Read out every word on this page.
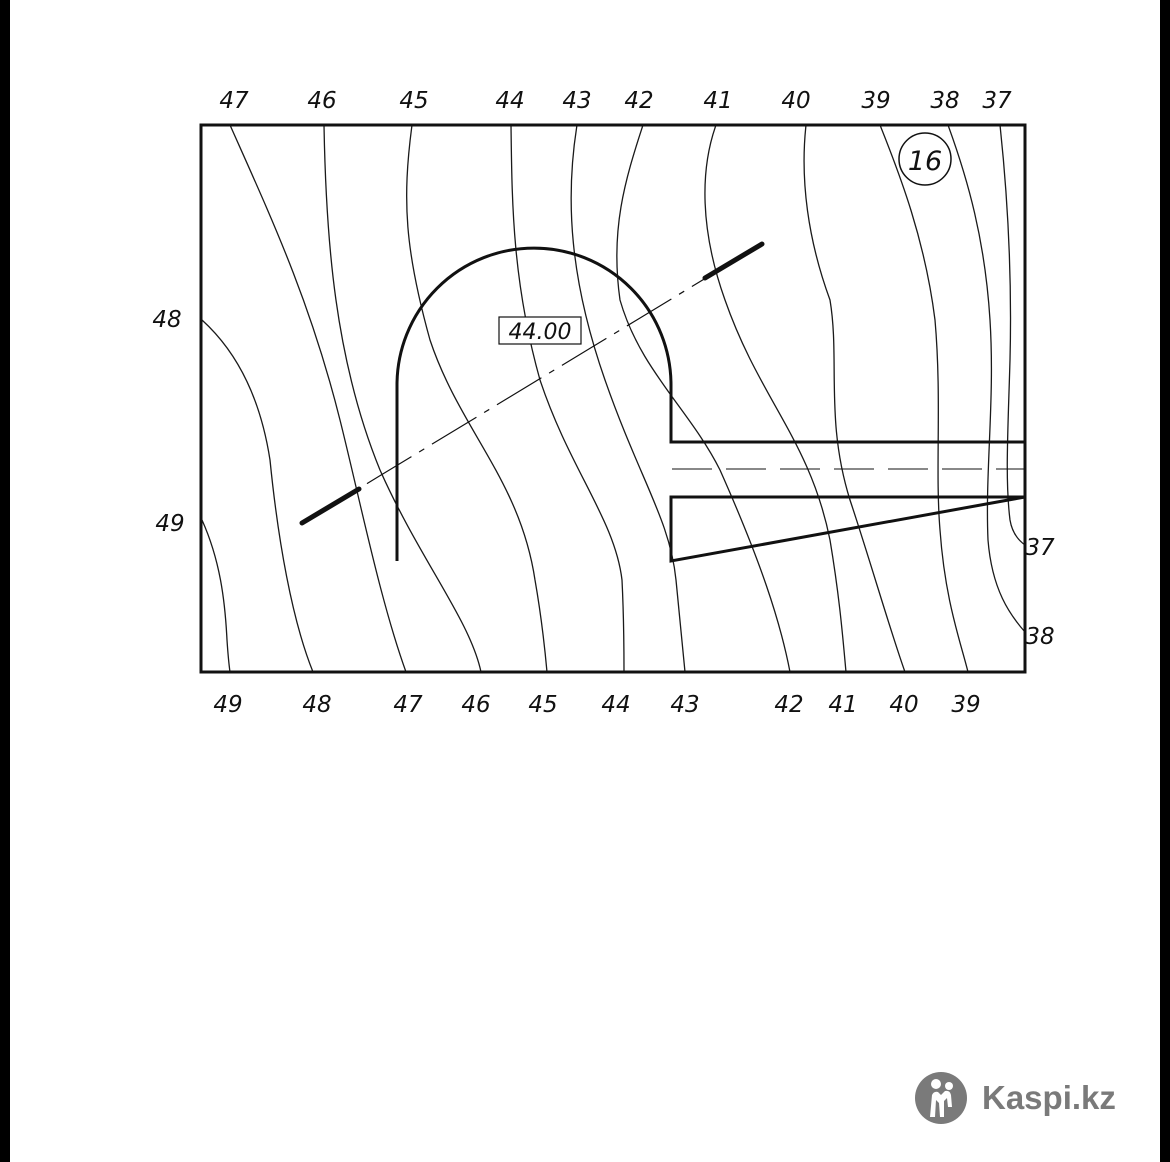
44.00
16
47	46	45	44 43 42 41 40 39 38 37
49	48	47 46 45 44 43	42 41 40 39
48
49
37
38
Kaspi.kz
